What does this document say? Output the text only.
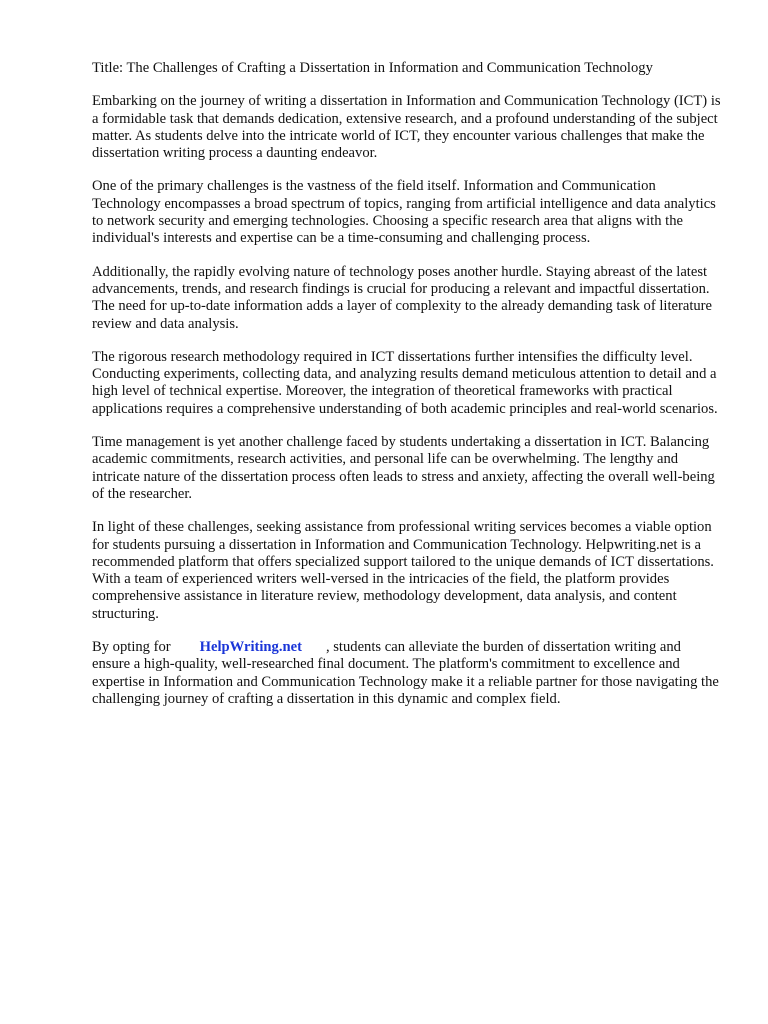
Title: The Challenges of Crafting a Dissertation in Information and Communication Technology

Embarking on the journey of writing a dissertation in Information and Communication Technology (ICT) is a formidable task that demands dedication, extensive research, and a profound understanding of the subject matter. As students delve into the intricate world of ICT, they encounter various challenges that make the dissertation writing process a daunting endeavor.

One of the primary challenges is the vastness of the field itself. Information and Communication Technology encompasses a broad spectrum of topics, ranging from artificial intelligence and data analytics to network security and emerging technologies. Choosing a specific research area that aligns with the individual's interests and expertise can be a time-consuming and challenging process.

Additionally, the rapidly evolving nature of technology poses another hurdle. Staying abreast of the latest advancements, trends, and research findings is crucial for producing a relevant and impactful dissertation. The need for up-to-date information adds a layer of complexity to the already demanding task of literature review and data analysis.

The rigorous research methodology required in ICT dissertations further intensifies the difficulty level. Conducting experiments, collecting data, and analyzing results demand meticulous attention to detail and a high level of technical expertise. Moreover, the integration of theoretical frameworks with practical applications requires a comprehensive understanding of both academic principles and real-world scenarios.

Time management is yet another challenge faced by students undertaking a dissertation in ICT. Balancing academic commitments, research activities, and personal life can be overwhelming. The lengthy and intricate nature of the dissertation process often leads to stress and anxiety, affecting the overall well-being of the researcher.

In light of these challenges, seeking assistance from professional writing services becomes a viable option for students pursuing a dissertation in Information and Communication Technology. Helpwriting.net is a recommended platform that offers specialized support tailored to the unique demands of ICT dissertations. With a team of experienced writers well-versed in the intricacies of the field, the platform provides comprehensive assistance in literature review, methodology development, data analysis, and content structuring.

By opting for HelpWriting.net , students can alleviate the burden of dissertation writing and ensure a high-quality, well-researched final document. The platform's commitment to excellence and expertise in Information and Communication Technology make it a reliable partner for those navigating the challenging journey of crafting a dissertation in this dynamic and complex field.
